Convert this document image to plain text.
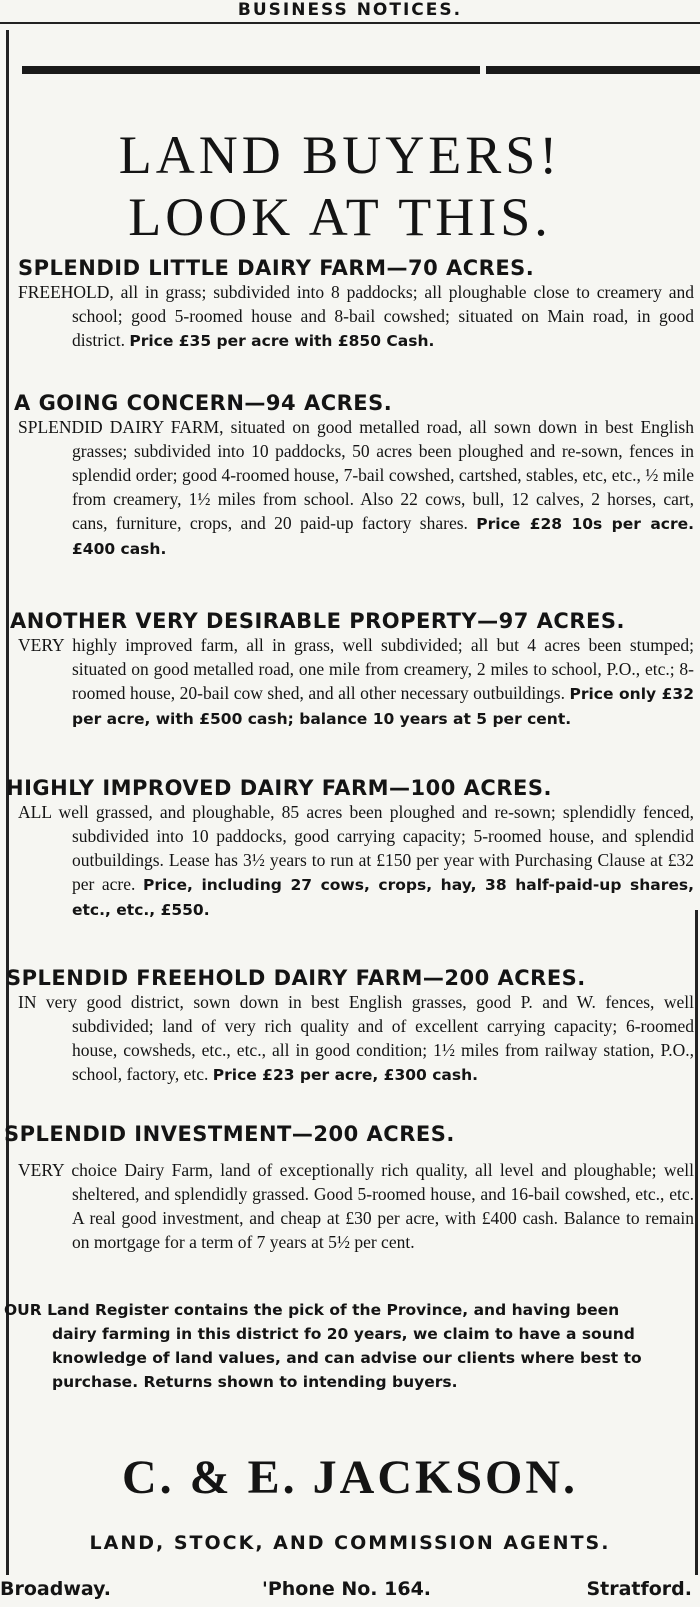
BUSINESS NOTICES.
LAND BUYERS!
LOOK AT THIS.

SPLENDID LITTLE DAIRY FARM—70 ACRES.

FREEHOLD, all in grass; subdivided into 8 paddocks; all ploughable close to creamery and school; good 5-roomed house and 8-bail cowshed; situated on Main road, in good district. Price £35 per acre with £850 Cash.

A GOING CONCERN—94 ACRES.

SPLENDID DAIRY FARM, situated on good metalled road, all sown down in best English grasses; subdivided into 10 paddocks, 50 acres been ploughed and re-sown, fences in splendid order; good 4-roomed house, 7-bail cowshed, cartshed, stables, etc, etc., ½ mile from creamery, 1½ miles from school. Also 22 cows, bull, 12 calves, 2 horses, cart, cans, furniture, crops, and 20 paid-up factory shares. Price £28 10s per acre. £400 cash.

ANOTHER VERY DESIRABLE PROPERTY—97 ACRES.

VERY highly improved farm, all in grass, well subdivided; all but 4 acres been stumped; situated on good metalled road, one mile from creamery, 2 miles to school, P.O., etc.; 8-roomed house, 20-bail cow shed, and all other necessary outbuildings. Price only £32 per acre, with £500 cash; balance 10 years at 5 per cent.

HIGHLY IMPROVED DAIRY FARM—100 ACRES.

ALL well grassed, and ploughable, 85 acres been ploughed and re-sown; splendidly fenced, subdivided into 10 paddocks, good carrying capacity; 5-roomed house, and splendid outbuildings. Lease has 3½ years to run at £150 per year with Purchasing Clause at £32 per acre. Price, including 27 cows, crops, hay, 38 half-paid-up shares, etc., etc., £550.

SPLENDID FREEHOLD DAIRY FARM—200 ACRES.

IN very good district, sown down in best English grasses, good P. and W. fences, well subdivided; land of very rich quality and of excellent carrying capacity; 6-roomed house, cowsheds, etc., etc., all in good condition; 1½ miles from railway station, P.O., school, factory, etc. Price £23 per acre, £300 cash.

SPLENDID INVESTMENT—200 ACRES.

VERY choice Dairy Farm, land of exceptionally rich quality, all level and ploughable; well sheltered, and splendidly grassed. Good 5-roomed house, and 16-bail cowshed, etc., etc. A real good investment, and cheap at £30 per acre, with £400 cash. Balance to remain on mortgage for a term of 7 years at 5½ per cent.

OUR Land Register contains the pick of the Province, and having been

dairy farming in this district fo 20 years, we claim to have a sound knowledge of land values, and can advise our clients where best to purchase. Returns shown to intending buyers.

C. & E. JACKSON.
LAND, STOCK, AND COMMISSION AGENTS.
Broadway.	'Phone No. 164.	Stratford.
